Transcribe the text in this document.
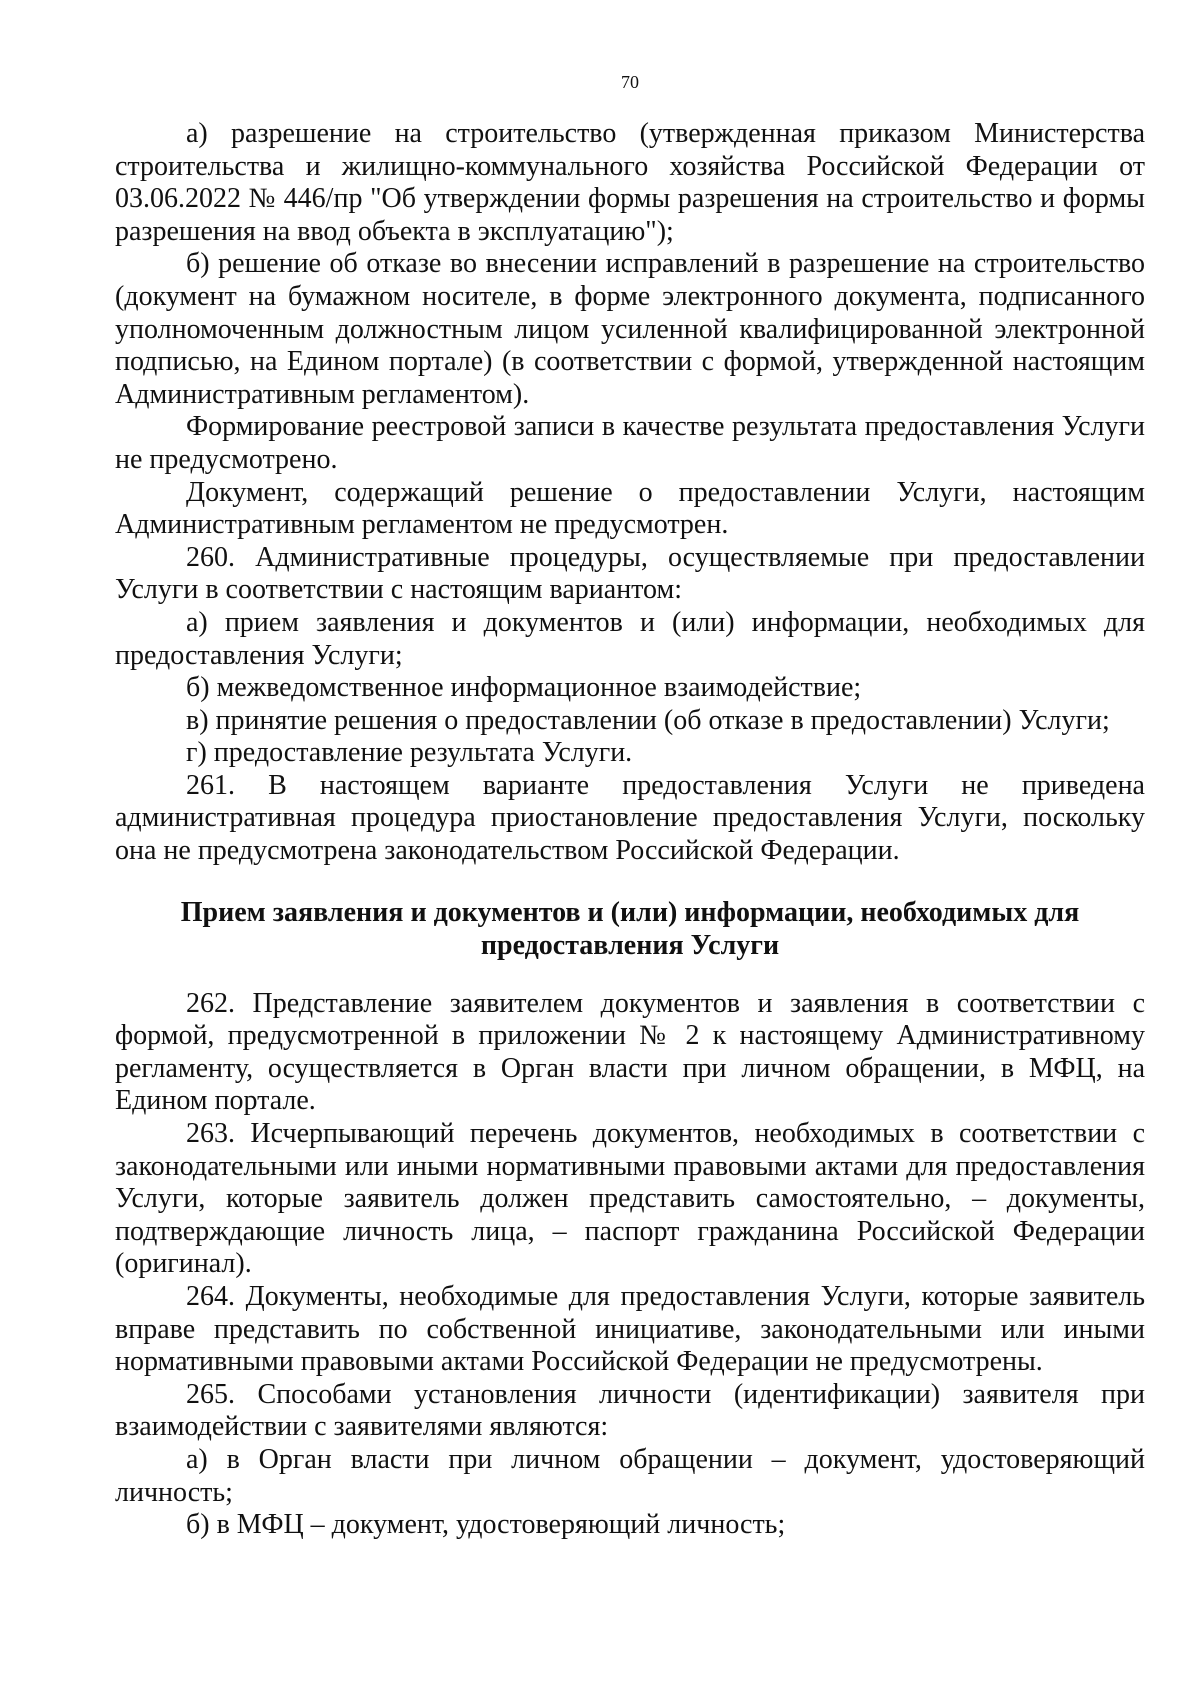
70

а) разрешение на строительство (утвержденная приказом Министерства строительства и жилищно-коммунального хозяйства Российской Федерации от 03.06.2022 № 446/пр "Об утверждении формы разрешения на строительство и формы разрешения на ввод объекта в эксплуатацию");

б) решение об отказе во внесении исправлений в разрешение на строительство (документ на бумажном носителе, в форме электронного документа, подписанного уполномоченным должностным лицом усиленной квалифицированной электронной подписью, на Едином портале) (в соответствии с формой, утвержденной настоящим Административным регламентом).

Формирование реестровой записи в качестве результата предоставления Услуги не предусмотрено.

Документ, содержащий решение о предоставлении Услуги, настоящим Административным регламентом не предусмотрен.

260. Административные процедуры, осуществляемые при предоставлении Услуги в соответствии с настоящим вариантом:

а) прием заявления и документов и (или) информации, необходимых для предоставления Услуги;

б) межведомственное информационное взаимодействие;

в) принятие решения о предоставлении (об отказе в предоставлении) Услуги;

г) предоставление результата Услуги.

261. В настоящем варианте предоставления Услуги не приведена административная процедура приостановление предоставления Услуги, поскольку она не предусмотрена законодательством Российской Федерации.

Прием заявления и документов и (или) информации, необходимых для
предоставления Услуги

262. Представление заявителем документов и заявления в соответствии с формой, предусмотренной в приложении № 2 к настоящему Административному регламенту, осуществляется в Орган власти при личном обращении, в МФЦ, на Едином портале.

263. Исчерпывающий перечень документов, необходимых в соответствии с законодательными или иными нормативными правовыми актами для предоставления Услуги, которые заявитель должен представить самостоятельно, – документы, подтверждающие личность лица, – паспорт гражданина Российской Федерации (оригинал).

264. Документы, необходимые для предоставления Услуги, которые заявитель вправе представить по собственной инициативе, законодательными или иными нормативными правовыми актами Российской Федерации не предусмотрены.

265. Способами установления личности (идентификации) заявителя при взаимодействии с заявителями являются:

а) в Орган власти при личном обращении – документ, удостоверяющий личность;

б) в МФЦ – документ, удостоверяющий личность;
